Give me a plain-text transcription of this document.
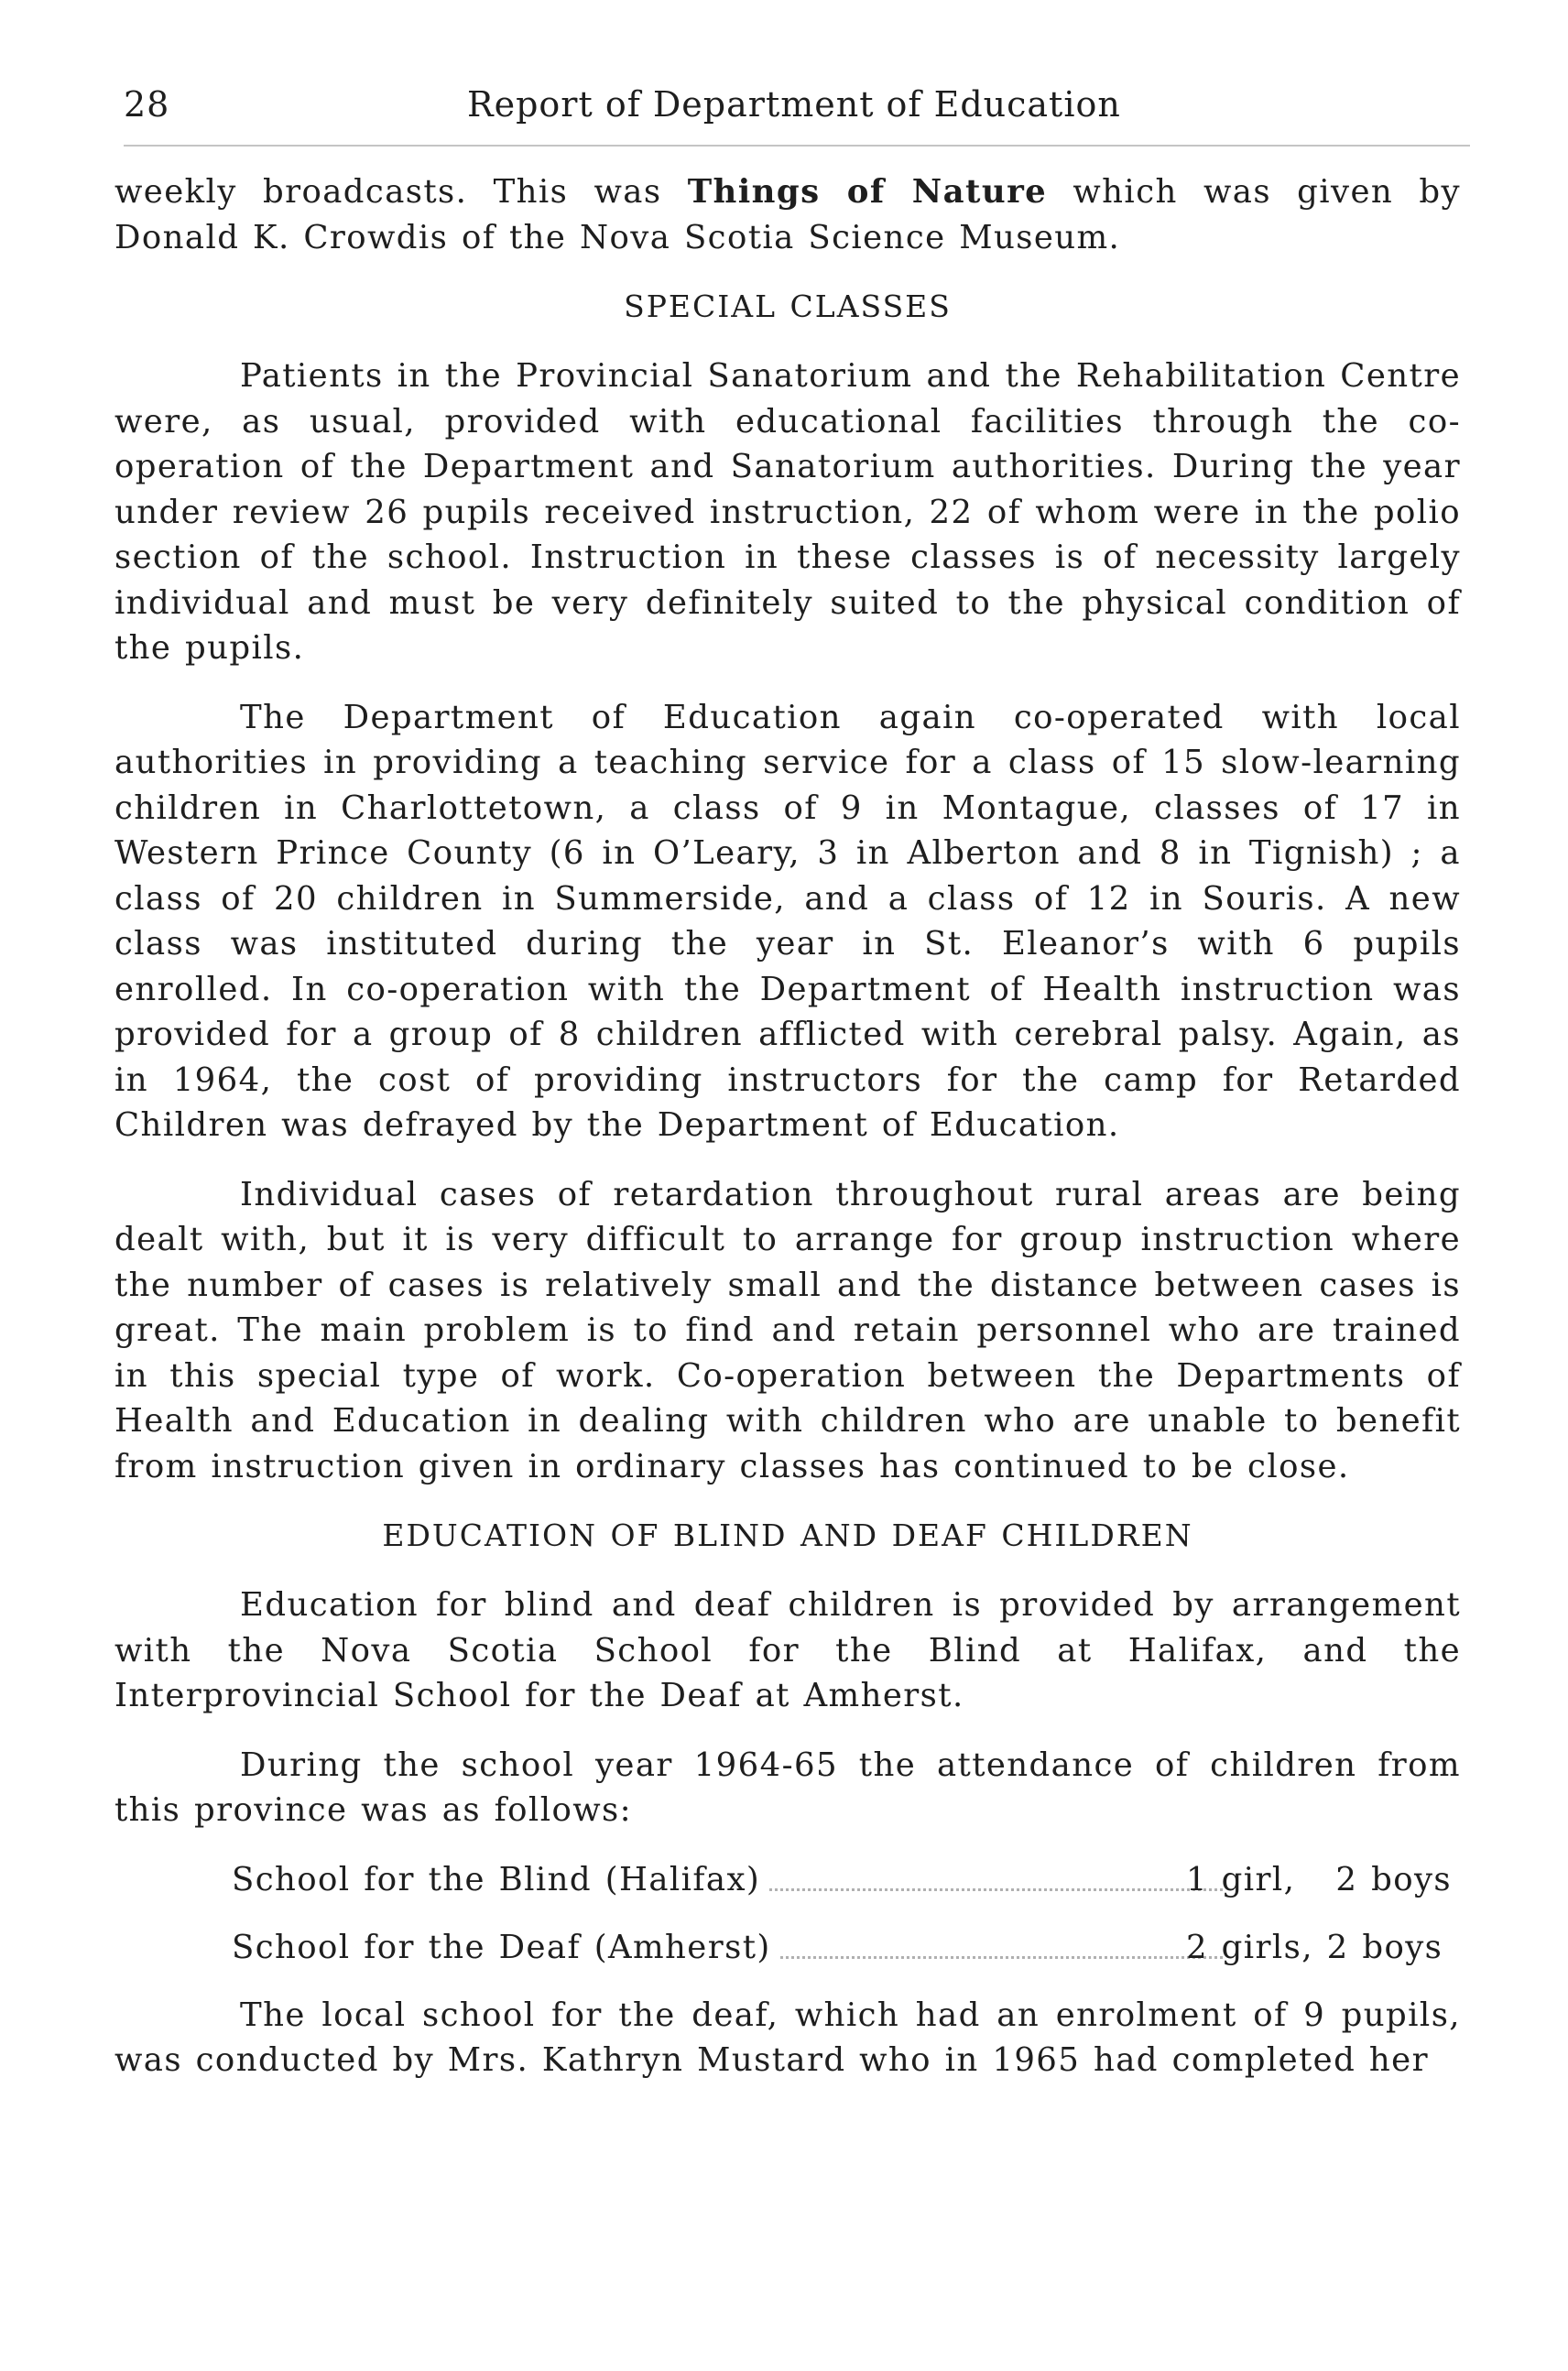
28	Report of Department of Education

weekly broadcasts. This was Things of Nature which was given by Donald K. Crowdis of the Nova Scotia Science Museum.

SPECIAL CLASSES

Patients in the Provincial Sanatorium and the Rehabilitation Centre were, as usual, provided with educational facilities through the co-operation of the Department and Sanatorium authorities. During the year under review 26 pupils received instruction, 22 of whom were in the polio section of the school. Instruction in these classes is of necessity largely individual and must be very definitely suited to the physical condition of the pupils.

The Department of Education again co-operated with local authorities in providing a teaching service for a class of 15 slow-learning children in Charlottetown, a class of 9 in Montague, classes of 17 in Western Prince County (6 in O’Leary, 3 in Alberton and 8 in Tignish) ; a class of 20 children in Summerside, and a class of 12 in Souris. A new class was instituted during the year in St. Eleanor’s with 6 pupils enrolled. In co-operation with the Department of Health instruction was provided for a group of 8 children afflicted with cerebral palsy. Again, as in 1964, the cost of providing instructors for the camp for Retarded Children was defrayed by the Department of Education.

Individual cases of retardation throughout rural areas are being dealt with, but it is very difficult to arrange for group instruction where the number of cases is relatively small and the distance between cases is great. The main problem is to find and retain personnel who are trained in this special type of work. Co-operation between the Departments of Health and Education in dealing with children who are unable to benefit from instruction given in ordinary classes has continued to be close.

EDUCATION OF BLIND AND DEAF CHILDREN

Education for blind and deaf children is provided by arrangement with the Nova Scotia School for the Blind at Halifax, and the Interprovincial School for the Deaf at Amherst.

During the school year 1964-65 the attendance of children from this province was as follows:

School for the Blind (Halifax)	1 girl,   2 boys
School for the Deaf (Amherst)	2 girls, 2 boys

The local school for the deaf, which had an enrolment of 9 pupils, was conducted by Mrs. Kathryn Mustard who in 1965 had completed her
